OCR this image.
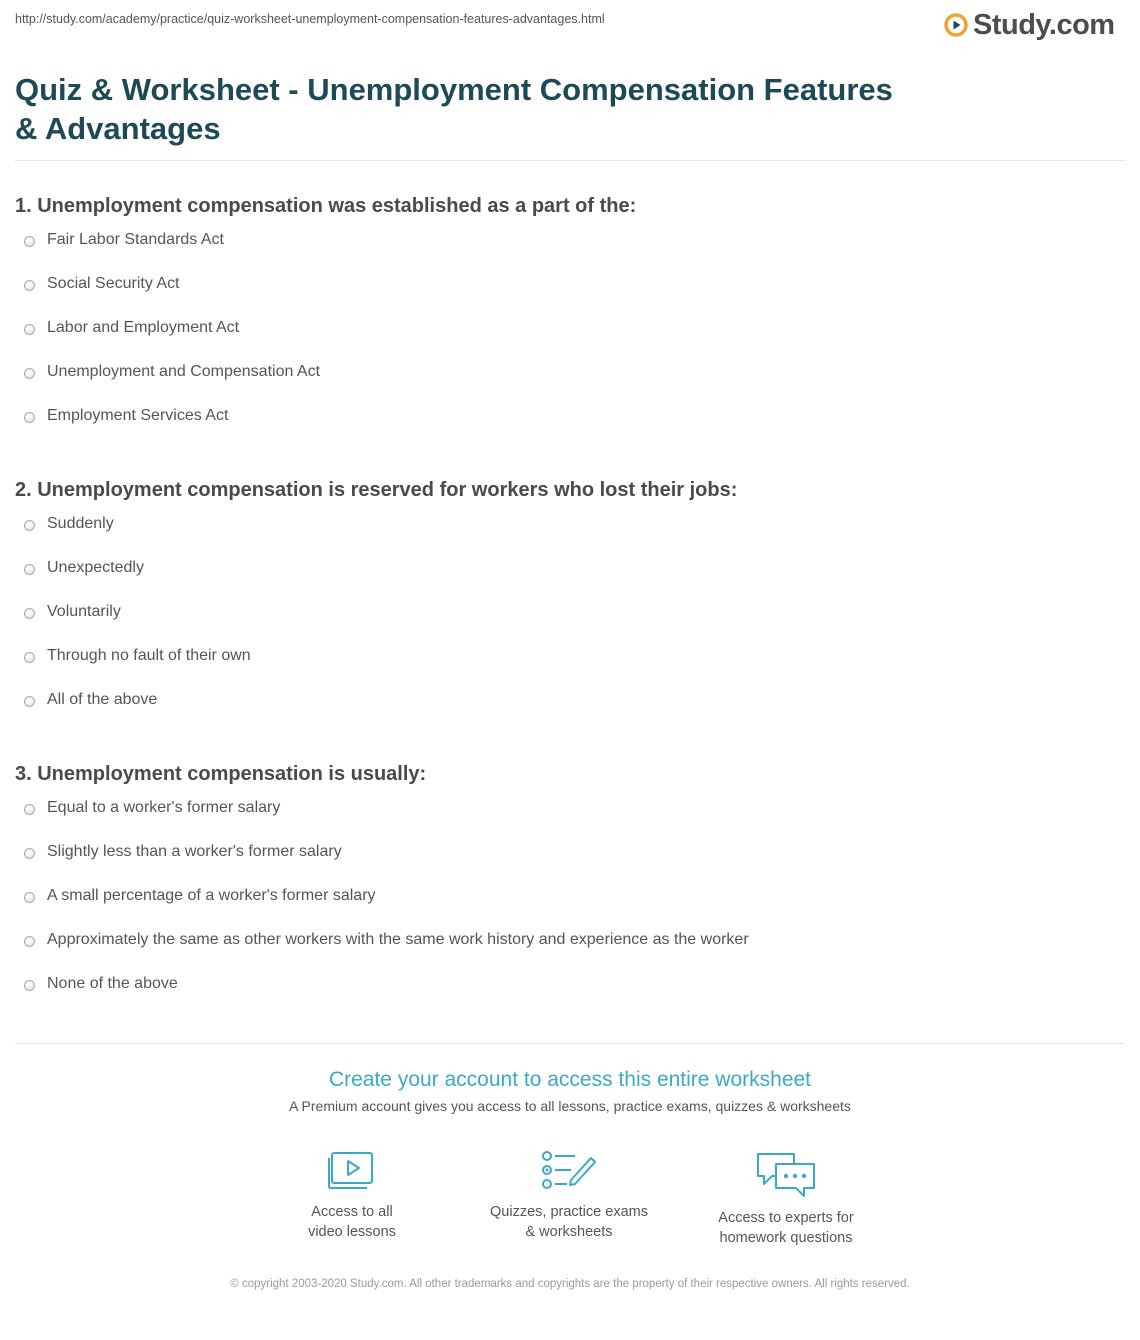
http://study.com/academy/practice/quiz-worksheet-unemployment-compensation-features-advantages.html	Study.com
Quiz & Worksheet - Unemployment Compensation Features & Advantages
1. Unemployment compensation was established as a part of the:
Fair Labor Standards Act
Social Security Act
Labor and Employment Act
Unemployment and Compensation Act
Employment Services Act
2. Unemployment compensation is reserved for workers who lost their jobs:
Suddenly
Unexpectedly
Voluntarily
Through no fault of their own
All of the above
3. Unemployment compensation is usually:
Equal to a worker's former salary
Slightly less than a worker's former salary
A small percentage of a worker's former salary
Approximately the same as other workers with the same work history and experience as the worker
None of the above
Create your account to access this entire worksheet
A Premium account gives you access to all lessons, practice exams, quizzes & worksheets
Access to all
video lessons
Quizzes, practice exams
& worksheets
Access to experts for
homework questions
© copyright 2003-2020 Study.com. All other trademarks and copyrights are the property of their respective owners. All rights reserved.
